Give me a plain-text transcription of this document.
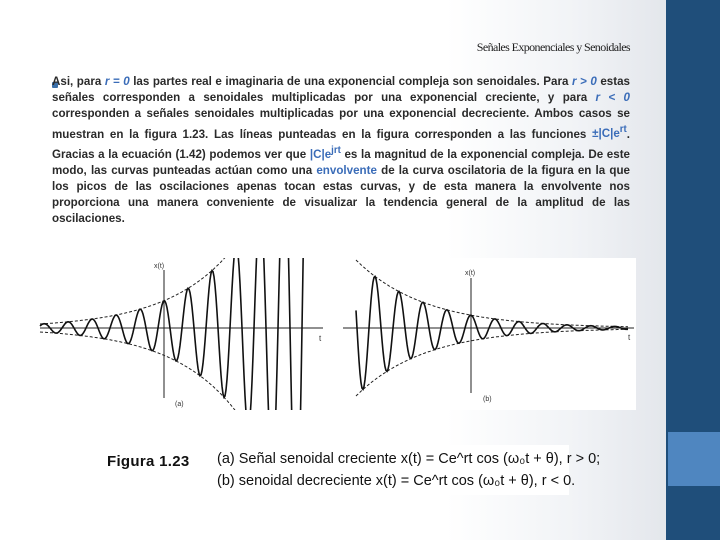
Señales Exponenciales y Senoidales

Asi, para r = 0 las partes real e imaginaria de una exponencial compleja son senoidales. Para r > 0 estas señales corresponden a senoidales multiplicadas por una exponencial creciente, y para r < 0 corresponden a señales senoidales multiplicadas por una exponencial decreciente. Ambos casos se muestran en la figura 1.23. Las líneas punteadas en la figura corresponden a las funciones $\pm|C|e^{rt}$. Gracias a la ecuación (1.42) podemos ver que $|C|e^{jrt}$ es la magnitud de la exponencial compleja. De este modo, las curvas punteadas actúan como una envolvente de la curva oscilatoria de la figura en la que los picos de las oscilaciones apenas tocan estas curvas, y de esta manera la envolvente nos proporciona una manera conveniente de visualizar la tendencia general de la amplitud de las oscilaciones.

x(t)
t
(a)
x(t)
t
(b)
Figura 1.23 (a) Señal senoidal creciente x(t) = Ce^rt cos (ω₀t + θ), r > 0;
(b) senoidal decreciente x(t) = Ce^rt cos (ω₀t + θ), r < 0.
